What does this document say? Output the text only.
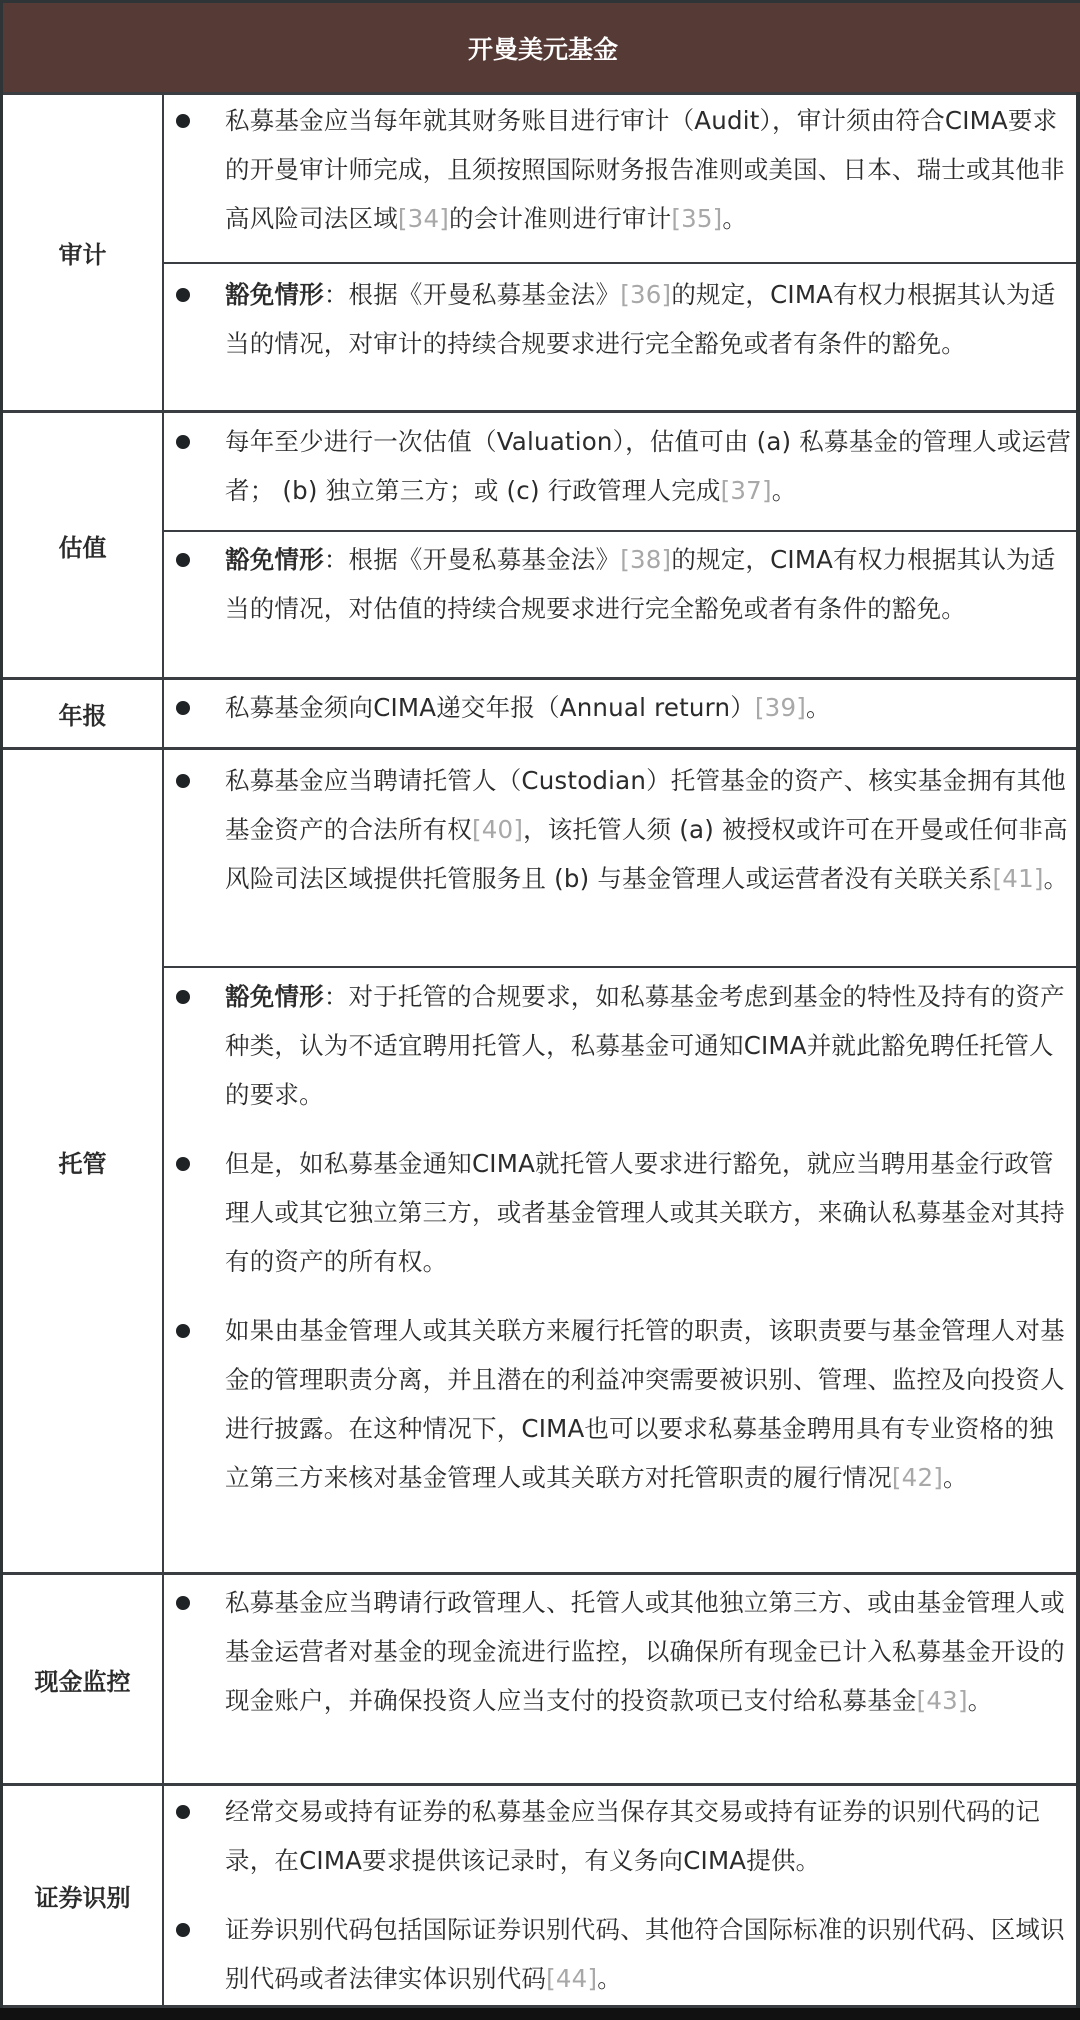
开曼美元基金
审计
私募基金应当每年就其财务账目进行审计（Audit），审计须由符合CIMA要求的开曼审计师完成，且须按照国际财务报告准则或美国、日本、瑞士或其他非高风险司法区域[34]的会计准则进行审计[35]。
豁免情形：根据《开曼私募基金法》[36]的规定，CIMA有权力根据其认为适当的情况，对审计的持续合规要求进行完全豁免或者有条件的豁免。
估值
每年至少进行一次估值（Valuation），估值可由 (a) 私募基金的管理人或运营者； (b) 独立第三方；或 (c) 行政管理人完成[37]。
豁免情形：根据《开曼私募基金法》[38]的规定，CIMA有权力根据其认为适当的情况，对估值的持续合规要求进行完全豁免或者有条件的豁免。
年报	私募基金须向CIMA递交年报（Annual return）[39]。
托管
私募基金应当聘请托管人（Custodian）托管基金的资产、核实基金拥有其他基金资产的合法所有权[40]，该托管人须 (a) 被授权或许可在开曼或任何非高风险司法区域提供托管服务且 (b) 与基金管理人或运营者没有关联关系[41]。
豁免情形：对于托管的合规要求，如私募基金考虑到基金的特性及持有的资产种类，认为不适宜聘用托管人，私募基金可通知CIMA并就此豁免聘任托管人的要求。
但是，如私募基金通知CIMA就托管人要求进行豁免，就应当聘用基金行政管理人或其它独立第三方，或者基金管理人或其关联方，来确认私募基金对其持有的资产的所有权。
如果由基金管理人或其关联方来履行托管的职责，该职责要与基金管理人对基金的管理职责分离，并且潜在的利益冲突需要被识别、管理、监控及向投资人进行披露。在这种情况下，CIMA也可以要求私募基金聘用具有专业资格的独立第三方来核对基金管理人或其关联方对托管职责的履行情况[42]。
现金监控
私募基金应当聘请行政管理人、托管人或其他独立第三方、或由基金管理人或基金运营者对基金的现金流进行监控，以确保所有现金已计入私募基金开设的现金账户，并确保投资人应当支付的投资款项已支付给私募基金[43]。
证券识别
经常交易或持有证券的私募基金应当保存其交易或持有证券的识别代码的记录，在CIMA要求提供该记录时，有义务向CIMA提供。
证券识别代码包括国际证券识别代码、其他符合国际标准的识别代码、区域识别代码或者法律实体识别代码[44]。
